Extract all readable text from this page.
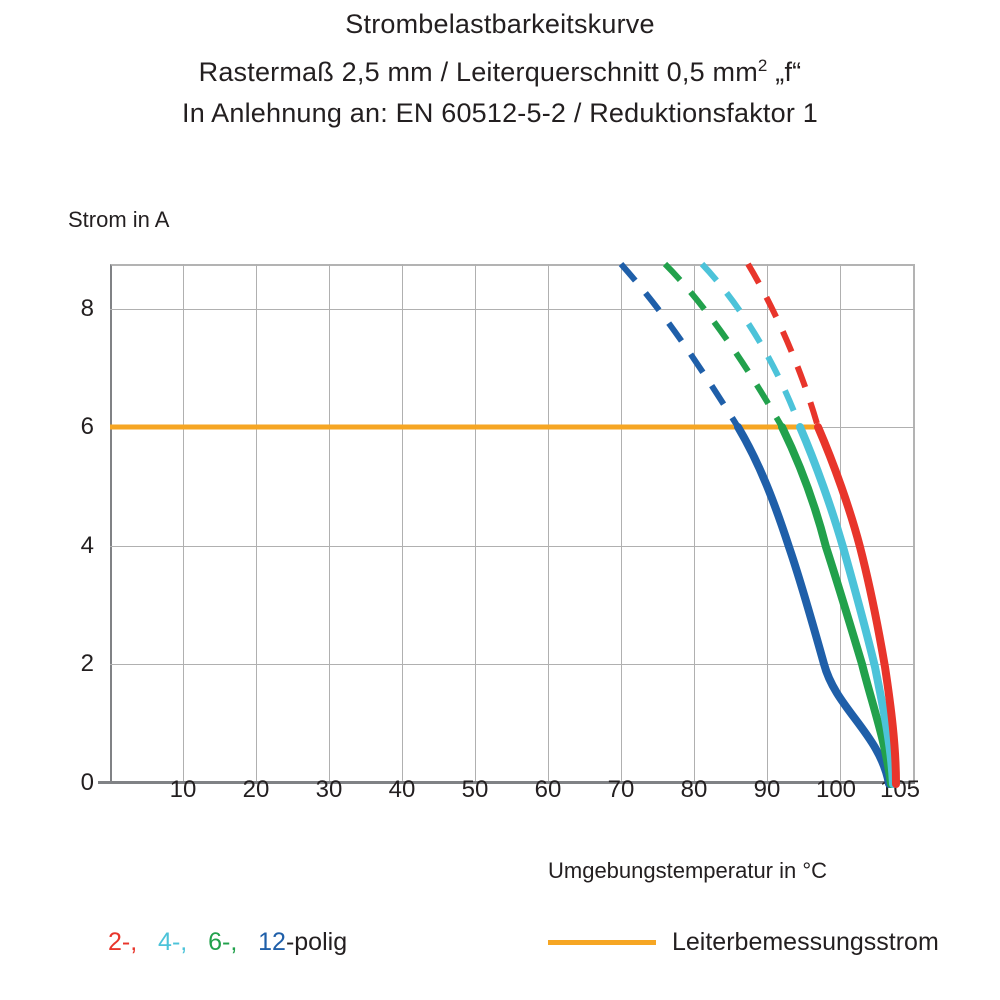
Strombelastbarkeitskurve
Rastermaß 2,5 mm / Leiterquerschnitt 0,5 $mm^2$ „f“
In Anlehnung an: EN 60512-5-2 / Reduktionsfaktor 1
Strom in A
Umgebungstemperatur in °C
8
6
4
2
0	10 20 30 40 50 60 70 80 90 100 105
2-, 4-, 6-, 12-polig	Leiterbemessungsstrom
